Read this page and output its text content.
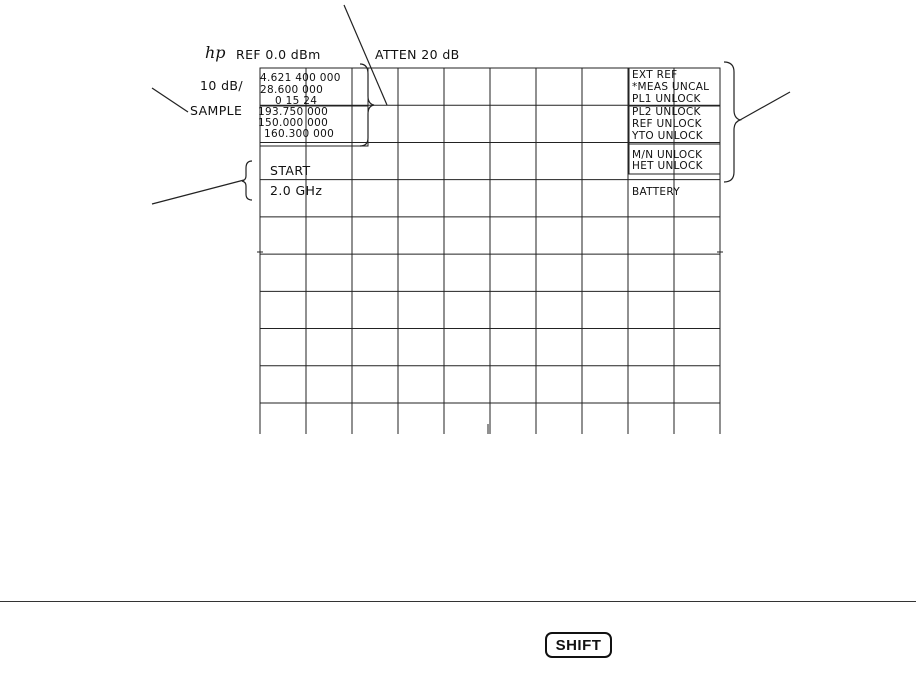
hp REF 0.0 dBm	ATTEN 20 dB
10 dB/
SAMPLE
4.621 400 000
28.600 000
0 15 24
193.750 000
150.000 000
160.300 000
START
2.0 GHz
EXT REF
*MEAS UNCAL
PL1 UNLOCK
PL2 UNLOCK
REF UNLOCK
YTO UNLOCK
M/N UNLOCK
HET UNLOCK
BATTERY
SHIFT
